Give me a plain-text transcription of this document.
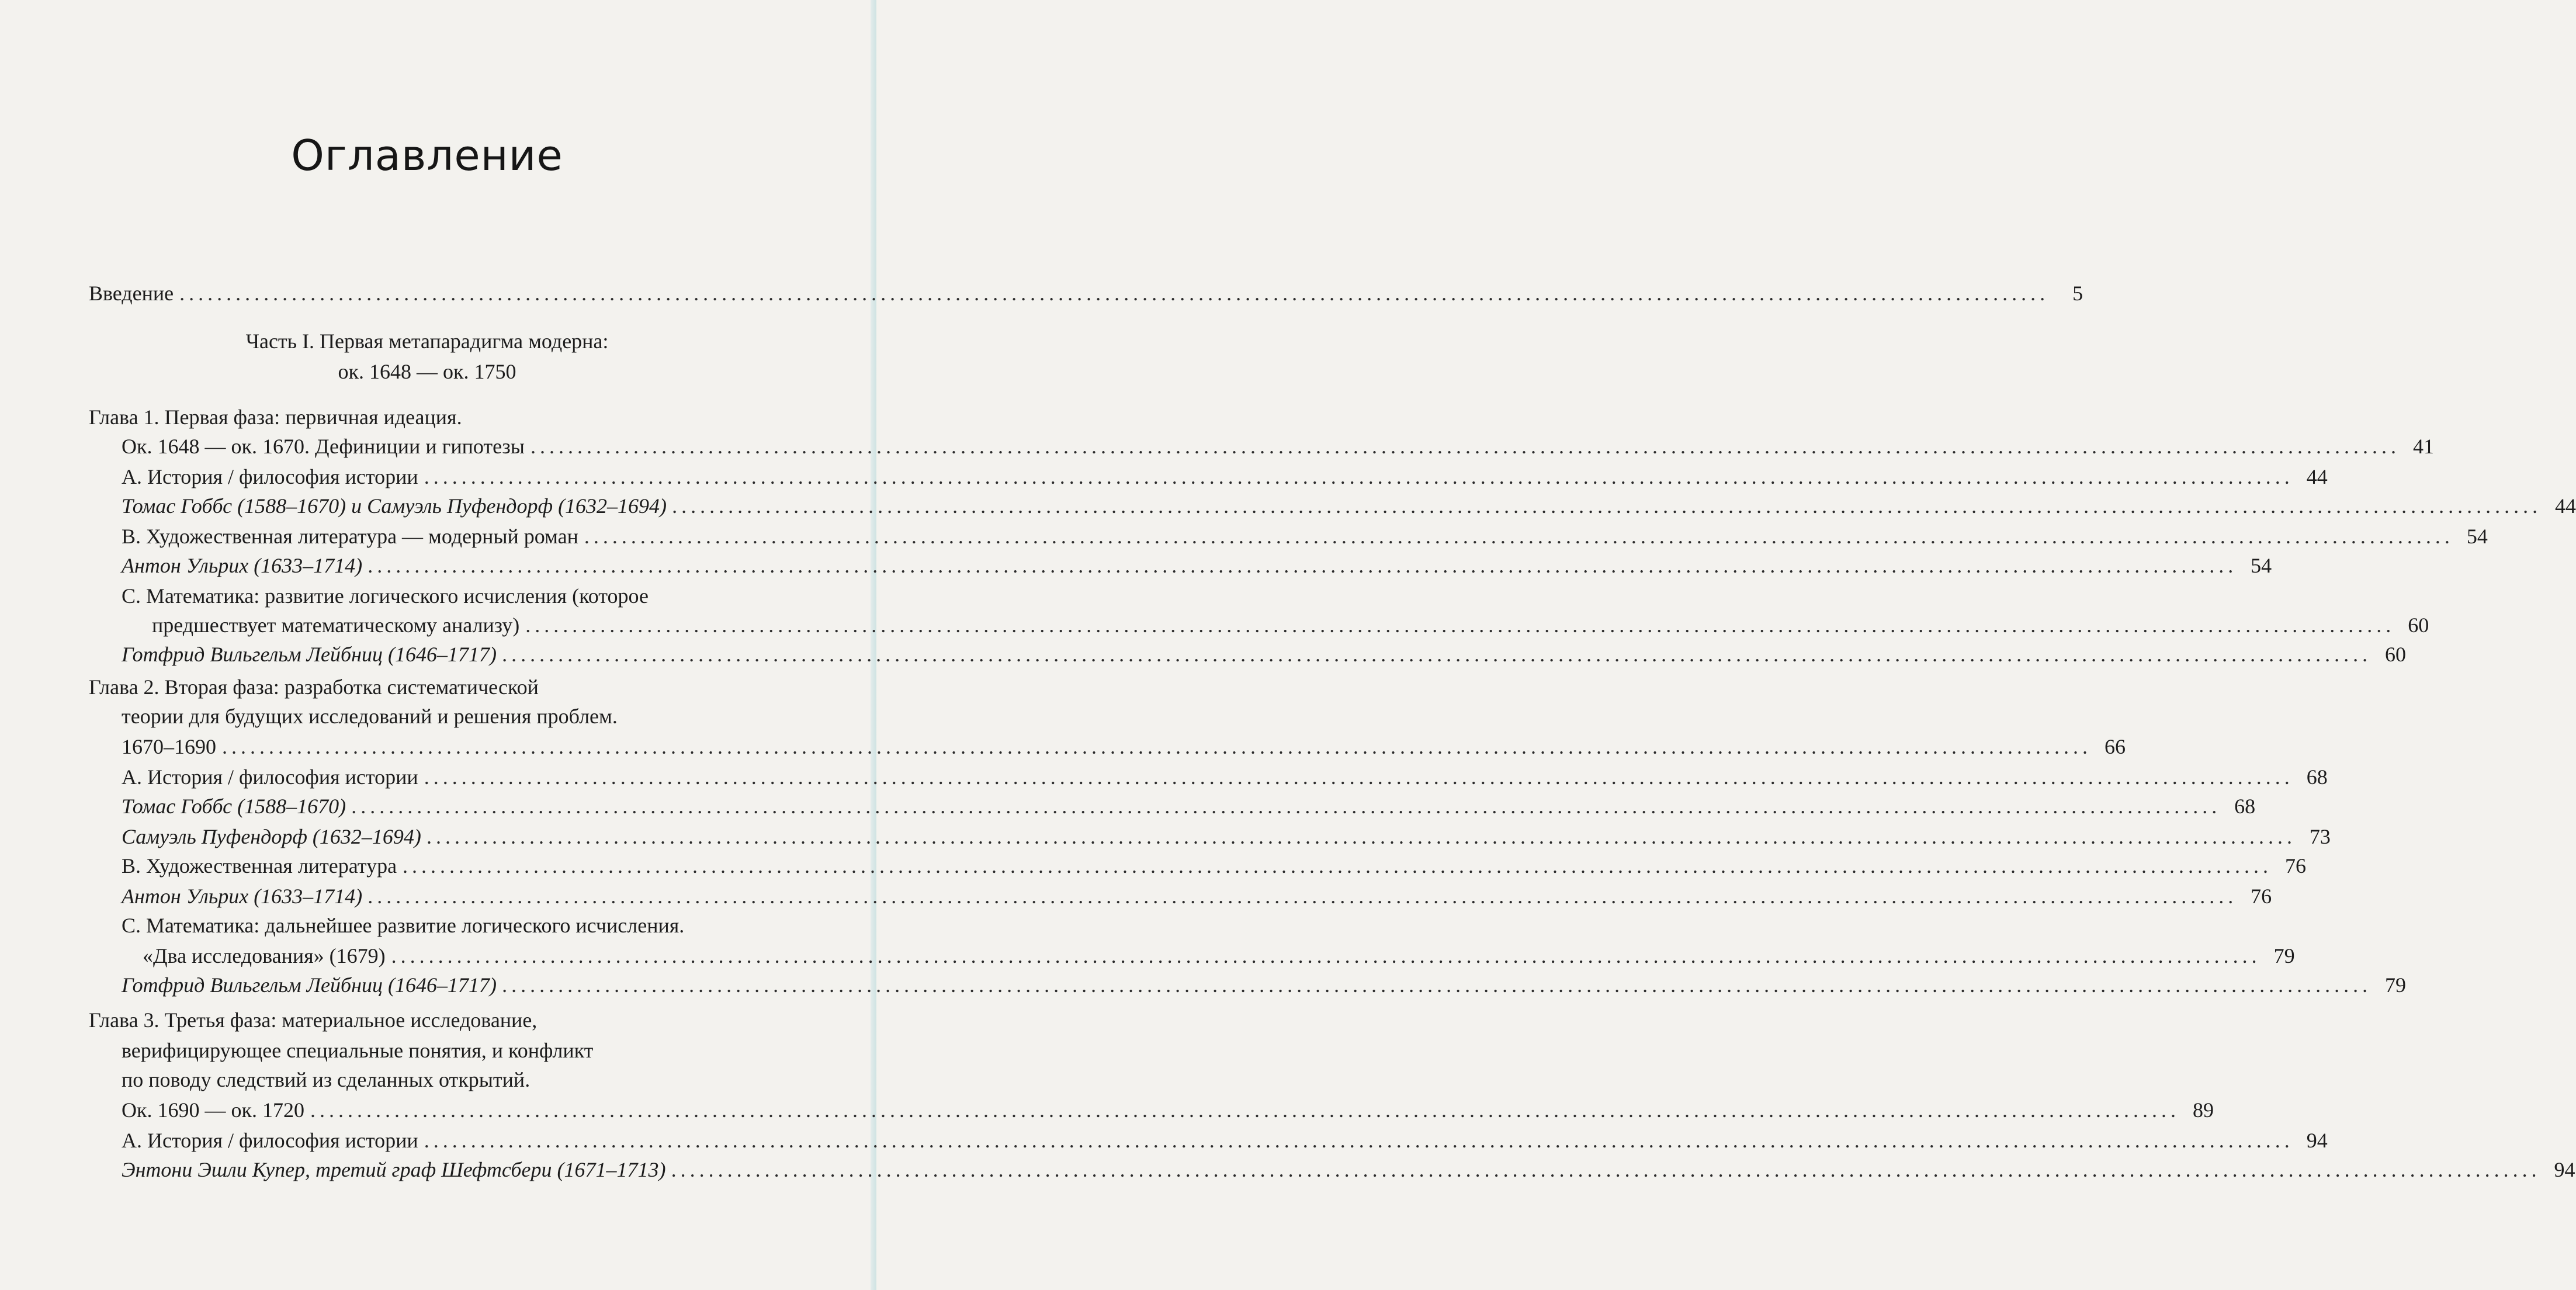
Оглавление
Введение ........................................................................................................................................................................................................	5
Часть I. Первая метапарадигма модерна:
ок. 1648 — ок. 1750
Глава 1. Первая фаза: первичная идеация.
Ок. 1648 — ок. 1670. Дефиниции и гипотезы ........................................................................................................................................................................................................ 41
А. История / философия истории ........................................................................................................................................................................................................ 44
Томас Гоббс (1588–1670) и Самуэль Пуфендорф (1632–1694) ........................................................................................................................................................................................................ 44
В. Художественная литература — модерный роман ........................................................................................................................................................................................................ 54
Антон Ульрих (1633–1714) ........................................................................................................................................................................................................ 54
С. Математика: развитие логического исчисления (которое
предшествует математическому анализу) ........................................................................................................................................................................................................ 60
Готфрид Вильгельм Лейбниц (1646–1717) ........................................................................................................................................................................................................ 60
Глава 2. Вторая фаза: разработка систематической
теории для будущих исследований и решения проблем.
1670–1690 ........................................................................................................................................................................................................ 66
А. История / философия истории ........................................................................................................................................................................................................ 68
Томас Гоббс (1588–1670) ........................................................................................................................................................................................................ 68
Самуэль Пуфендорф (1632–1694) ........................................................................................................................................................................................................ 73
В. Художественная литература ........................................................................................................................................................................................................ 76
Антон Ульрих (1633–1714) ........................................................................................................................................................................................................ 76
С. Математика: дальнейшее развитие логического исчисления.
«Два исследования» (1679) ........................................................................................................................................................................................................ 79
Готфрид Вильгельм Лейбниц (1646–1717) ........................................................................................................................................................................................................ 79
Глава 3. Третья фаза: материальное исследование,
верифицирующее специальные понятия, и конфликт
по поводу следствий из сделанных открытий.
Ок. 1690 — ок. 1720 ........................................................................................................................................................................................................ 89
А. История / философия истории ........................................................................................................................................................................................................ 94
Энтони Эшли Купер, третий граф Шефтсбери (1671–1713) ........................................................................................................................................................................................................ 94
